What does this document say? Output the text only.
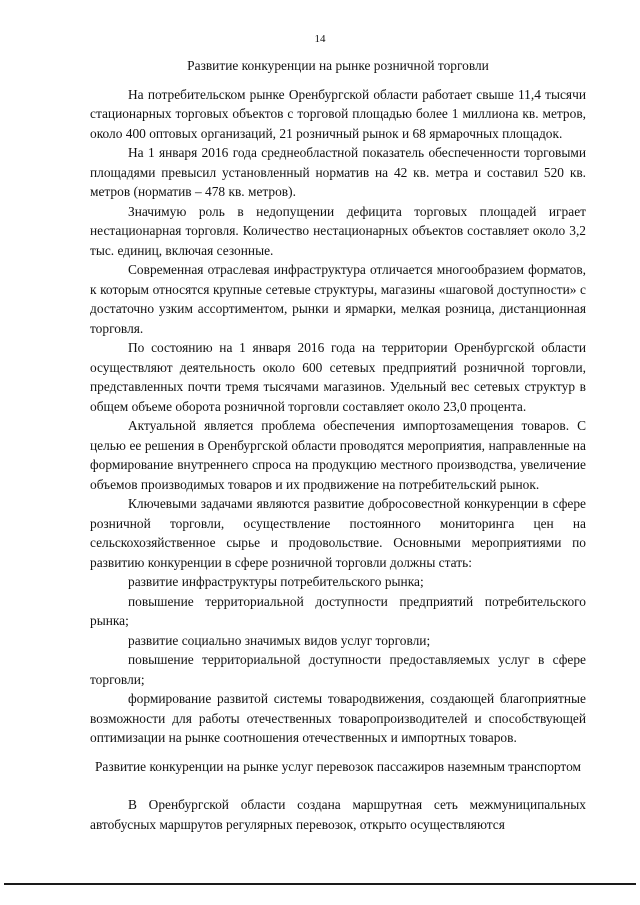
14
Развитие конкуренции на рынке розничной торговли

На потребительском рынке Оренбургской области работает свыше 11,4 тысячи стационарных торговых объектов с торговой площадью более 1 миллиона кв. метров, около 400 оптовых организаций, 21 розничный рынок и 68 ярмарочных площадок.

На 1 января 2016 года среднеобластной показатель обеспеченности торговыми площадями превысил установленный норматив на 42 кв. метра и составил 520 кв. метров (норматив – 478 кв. метров).

Значимую роль в недопущении дефицита торговых площадей играет нестационарная торговля. Количество нестационарных объектов составляет около 3,2 тыс. единиц, включая сезонные.

Современная отраслевая инфраструктура отличается многообразием форматов, к которым относятся крупные сетевые структуры, магазины «шаговой доступности» с достаточно узким ассортиментом, рынки и ярмарки, мелкая розница, дистанционная торговля.

По состоянию на 1 января 2016 года на территории Оренбургской области осуществляют деятельность около 600 сетевых предприятий розничной торговли, представленных почти тремя тысячами магазинов. Удельный вес сетевых структур в общем объеме оборота розничной торговли составляет около 23,0 процента.

Актуальной является проблема обеспечения импортозамещения товаров. С целью ее решения в Оренбургской области проводятся мероприятия, направленные на формирование внутреннего спроса на продукцию местного производства, увеличение объемов производимых товаров и их продвижение на потребительский рынок.

Ключевыми задачами являются развитие добросовестной конкуренции в сфере розничной торговли, осуществление постоянного мониторинга цен на сельскохозяйственное сырье и продовольствие. Основными мероприятиями по развитию конкуренции в сфере розничной торговли должны стать:

развитие инфраструктуры потребительского рынка;

повышение территориальной доступности предприятий потребительского рынка;

развитие социально значимых видов услуг торговли;

повышение территориальной доступности предоставляемых услуг в сфере торговли;

формирование развитой системы товародвижения, создающей благоприятные возможности для работы отечественных товаропроизводителей и способствующей оптимизации на рынке соотношения отечественных и импортных товаров.

Развитие конкуренции на рынке услуг перевозок пассажиров наземным транспортом

В Оренбургской области создана маршрутная сеть межмуниципальных автобусных маршрутов регулярных перевозок, открыто осуществляются
